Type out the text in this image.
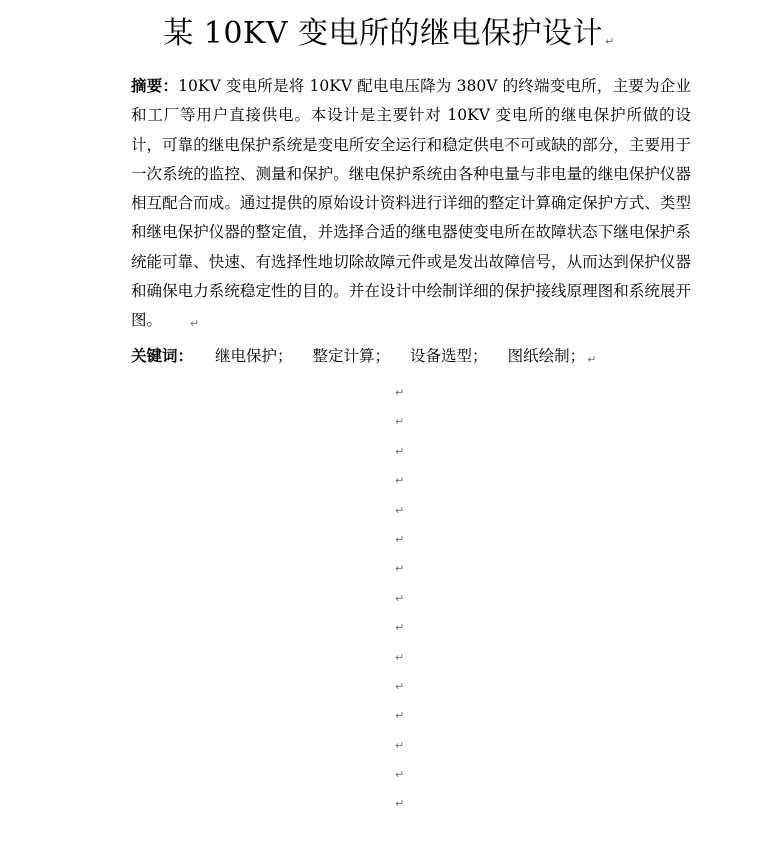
某 10KV 变电所的继电保护设计 ↵
摘要：10KV 变电所是将 10KV 配电电压降为 380V 的终端变电所，主要为企业和工厂等用户直接供电。本设计是主要针对 10KV 变电所的继电保护所做的设计，可靠的继电保护系统是变电所安全运行和稳定供电不可或缺的部分，主要用于一次系统的监控、测量和保护。继电保护系统由各种电量与非电量的继电保护仪器相互配合而成。通过提供的原始设计资料进行详细的整定计算确定保护方式、类型和继电保护仪器的整定值，并选择合适的继电器使变电所在故障状态下继电保护系统能可靠、快速、有选择性地切除故障元件或是发出故障信号，从而达到保护仪器和确保电力系统稳定性的目的。并在设计中绘制详细的保护接线原理图和系统展开图。	↵
关键词： 继电保护； 整定计算； 设备选型； 图纸绘制； ↵
↵
↵
↵
↵
↵
↵
↵
↵
↵
↵
↵
↵
↵
↵
↵
